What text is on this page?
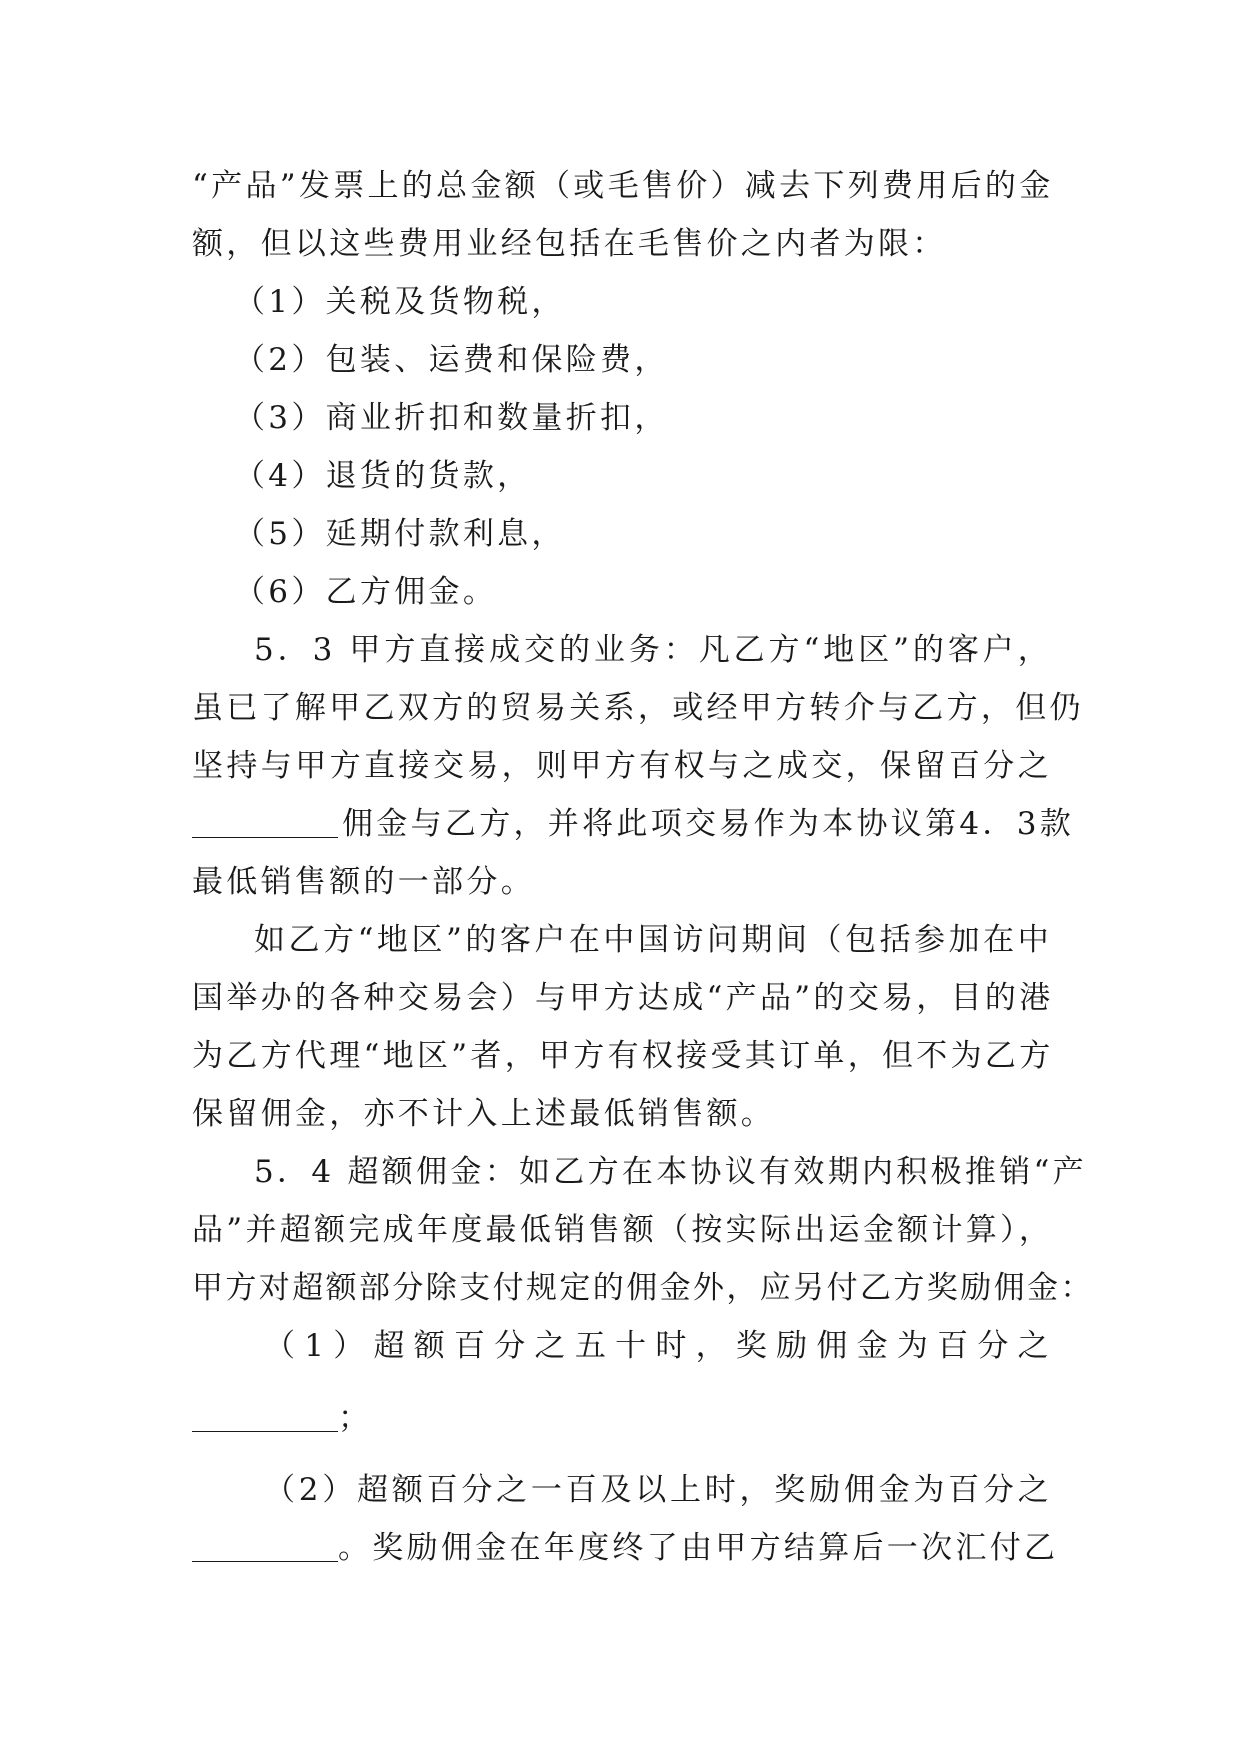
“产品”发票上的总金额（或毛售价）减去下列费用后的金
额，但以这些费用业经包括在毛售价之内者为限：
（1）关税及货物税，
（2）包装、运费和保险费，
（3）商业折扣和数量折扣，
（4）退货的货款，
（5）延期付款利息，
（6）乙方佣金。
5．3 甲方直接成交的业务：凡乙方“地区”的客户，
虽已了解甲乙双方的贸易关系，或经甲方转介与乙方，但仍
坚持与甲方直接交易，则甲方有权与之成交，保留百分之
佣金与乙方，并将此项交易作为本协议第4．3款
最低销售额的一部分。
如乙方“地区”的客户在中国访问期间（包括参加在中
国举办的各种交易会）与甲方达成“产品”的交易，目的港
为乙方代理“地区”者，甲方有权接受其订单，但不为乙方
保留佣金，亦不计入上述最低销售额。
5．4 超额佣金：如乙方在本协议有效期内积极推销“产
品”并超额完成年度最低销售额（按实际出运金额计算），
甲方对超额部分除支付规定的佣金外，应另付乙方奖励佣金：
（1）超额百分之五十时，奖励佣金为百分之
；
（2）超额百分之一百及以上时，奖励佣金为百分之
。奖励佣金在年度终了由甲方结算后一次汇付乙
